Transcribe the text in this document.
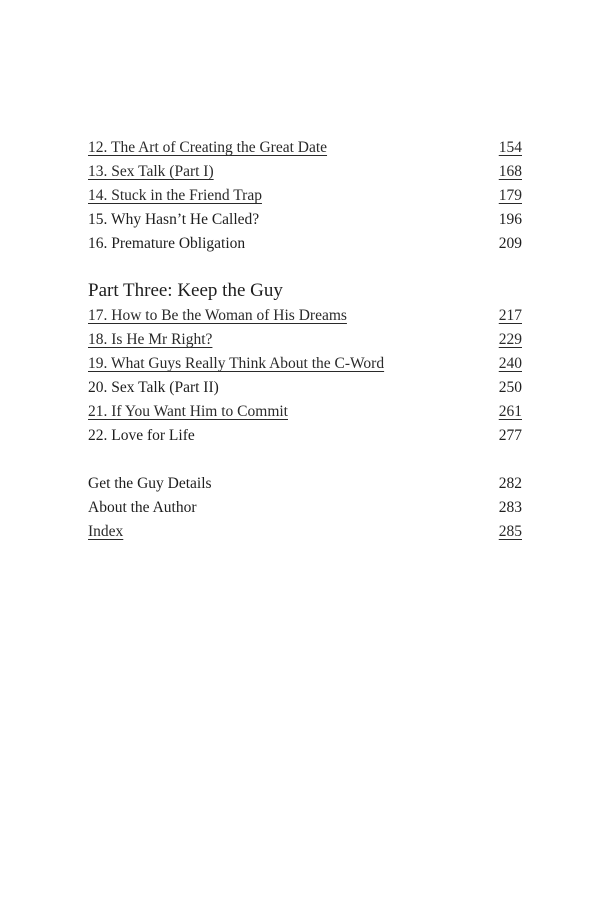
12. The Art of Creating the Great Date	154
13. Sex Talk (Part I)	168
14. Stuck in the Friend Trap	179
15. Why Hasn’t He Called?	196
16. Premature Obligation	209
Part Three: Keep the Guy
17. How to Be the Woman of His Dreams	217
18. Is He Mr Right?	229
19. What Guys Really Think About the C-Word	240
20. Sex Talk (Part II)	250
21. If You Want Him to Commit	261
22. Love for Life	277
Get the Guy Details	282
About the Author	283
Index	285
